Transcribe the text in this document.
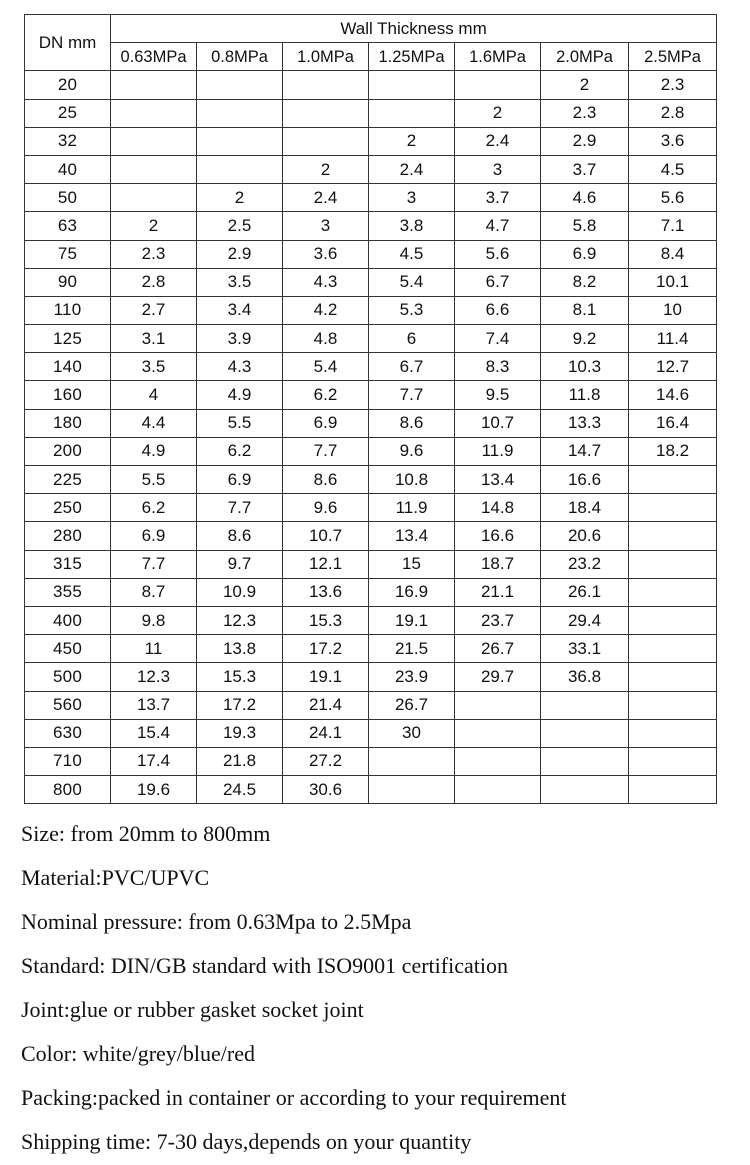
DN mm	Wall Thickness mm						
	0.63MPa	0.8MPa	1.0MPa	1.25MPa	1.6MPa	2.0MPa	2.5MPa
20						2	2.3
25					2	2.3	2.8
32				2	2.4	2.9	3.6
40			2	2.4	3	3.7	4.5
50		2	2.4	3	3.7	4.6	5.6
63	2	2.5	3	3.8	4.7	5.8	7.1
75	2.3	2.9	3.6	4.5	5.6	6.9	8.4
90	2.8	3.5	4.3	5.4	6.7	8.2	10.1
110	2.7	3.4	4.2	5.3	6.6	8.1	10
125	3.1	3.9	4.8	6	7.4	9.2	11.4
140	3.5	4.3	5.4	6.7	8.3	10.3	12.7
160	4	4.9	6.2	7.7	9.5	11.8	14.6
180	4.4	5.5	6.9	8.6	10.7	13.3	16.4
200	4.9	6.2	7.7	9.6	11.9	14.7	18.2
225	5.5	6.9	8.6	10.8	13.4	16.6	
250	6.2	7.7	9.6	11.9	14.8	18.4	
280	6.9	8.6	10.7	13.4	16.6	20.6	
315	7.7	9.7	12.1	15	18.7	23.2	
355	8.7	10.9	13.6	16.9	21.1	26.1	
400	9.8	12.3	15.3	19.1	23.7	29.4	
450	11	13.8	17.2	21.5	26.7	33.1	
500	12.3	15.3	19.1	23.9	29.7	36.8	
560	13.7	17.2	21.4	26.7			
630	15.4	19.3	24.1	30			
710	17.4	21.8	27.2				
800	19.6	24.5	30.6				
Size: from 20mm to 800mm
Material:PVC/UPVC
Nominal pressure: from 0.63Mpa to 2.5Mpa
Standard: DIN/GB standard with ISO9001 certification
Joint:glue or rubber gasket socket joint
Color: white/grey/blue/red
Packing:packed in container or according to your requirement
Shipping time: 7-30 days,depends on your quantity
